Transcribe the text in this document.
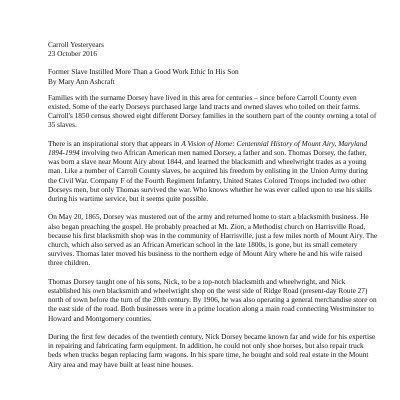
Carroll Yesteryears
23 October 2016
Former Slave Instilled More Than a Good Work Ethic In His Son
By Mary Ann Ashcraft

Families with the surname Dorsey have lived in this area for centuries – since before Carroll County even existed. Some of the early Dorseys purchased large land tracts and owned slaves who toiled on their farms. Carroll's 1850 census showed eight different Dorsey families in the southern part of the county owning a total of 35 slaves.

There is an inspirational story that appears in A Vision of Home: Centennial History of Mount Airy, Maryland 1894-1994 involving two African American men named Dorsey, a father and son. Thomas Dorsey, the father, was born a slave near Mount Airy about 1844, and learned the blacksmith and wheelwright trades as a young man. Like a number of Carroll County slaves, he acquired his freedom by enlisting in the Union Army during the Civil War. Company F of the Fourth Regiment Infantry, United States Colored Troops included two other Dorseys men, but only Thomas survived the war. Who knows whether he was ever called upon to use his skills during his wartime service, but it seems quite possible.

On May 20, 1865, Dorsey was mustered out of the army and returned home to start a blacksmith business. He also began preaching the gospel. He probably preached at Mt. Zion, a Methodist church on Harrisville Road, because his first blacksmith shop was in the community of Harrisville, just a few miles north of Mount Airy. The church, which also served as an African American school in the late 1800s, is gone, but its small cemetery survives. Thomas later moved his business to the northern edge of Mount Airy where he and his wife raised three children.

Thomas Dorsey taught one of his sons, Nick, to be a top-notch blacksmith and wheelwright, and Nick established his own blacksmith and wheelwright shop on the west side of Ridge Road (present-day Route 27) north of town before the turn of the 20th century. By 1906, he was also operating a general merchandise store on the east side of the road. Both businesses were in a prime location along a main road connecting Westminster to Howard and Montgomery counties.

During the first few decades of the twentieth century, Nick Dorsey became known far and wide for his expertise in repairing and fabricating farm equipment. In addition, he could not only shoe horses, but also repair truck beds when trucks began replacing farm wagons. In his spare time, he bought and sold real estate in the Mount Airy area and may have built at least nine houses.
